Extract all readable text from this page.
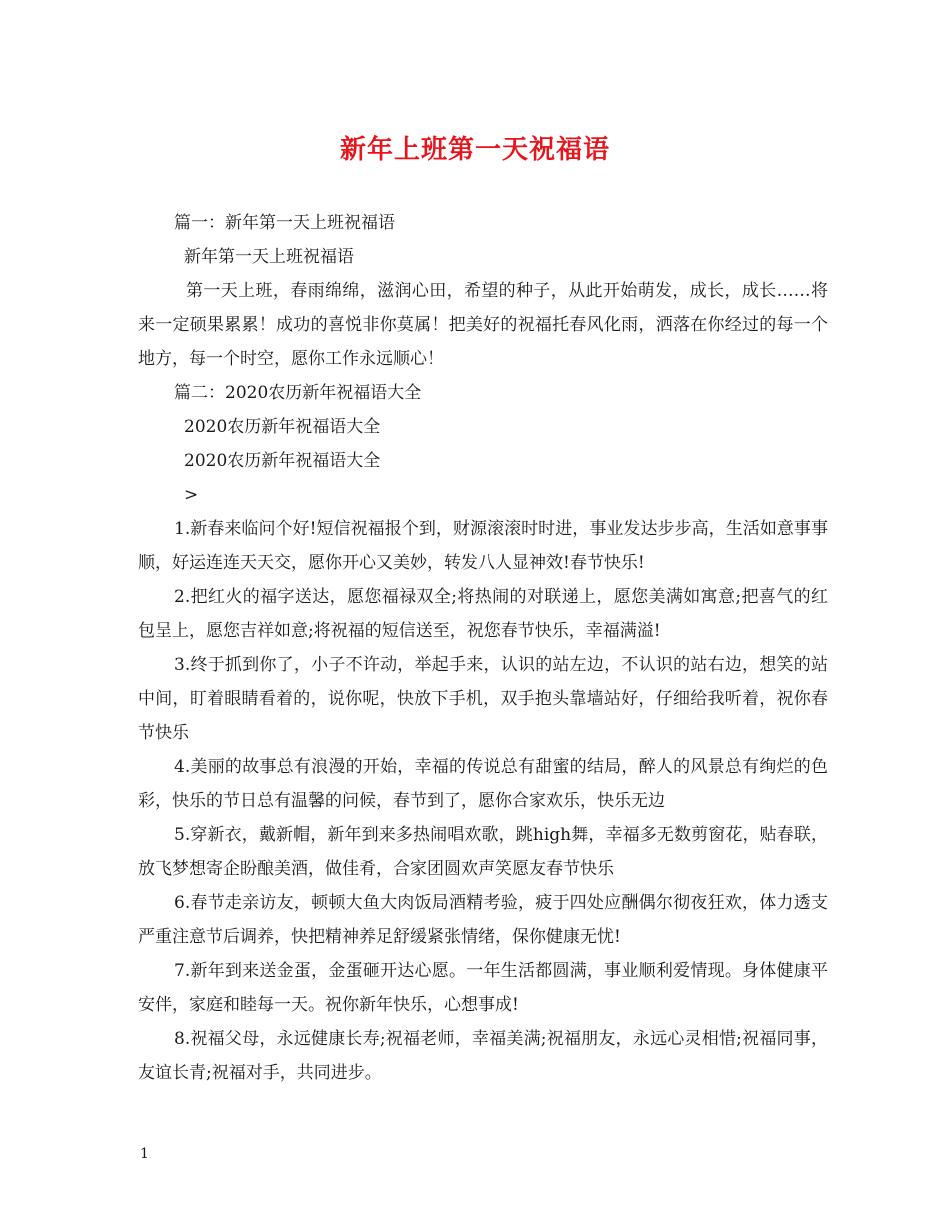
新年上班第一天祝福语

篇一：新年第一天上班祝福语

新年第一天上班祝福语

第一天上班，春雨绵绵，滋润心田，希望的种子，从此开始萌发，成长，成长……将来一定硕果累累！成功的喜悦非你莫属！把美好的祝福托春风化雨，洒落在你经过的每一个地方，每一个时空，愿你工作永远顺心！

篇二：2020农历新年祝福语大全

2020农历新年祝福语大全

2020农历新年祝福语大全

>

1.新春来临问个好!短信祝福报个到，财源滚滚时时进，事业发达步步高，生活如意事事顺，好运连连天天交，愿你开心又美妙，转发八人显神效!春节快乐!

2.把红火的福字送达，愿您福禄双全;将热闹的对联递上，愿您美满如寓意;把喜气的红包呈上，愿您吉祥如意;将祝福的短信送至，祝您春节快乐，幸福满溢!

3.终于抓到你了，小子不许动，举起手来，认识的站左边，不认识的站右边，想笑的站中间，盯着眼睛看着的，说你呢，快放下手机，双手抱头靠墙站好，仔细给我听着，祝你春节快乐

4.美丽的故事总有浪漫的开始，幸福的传说总有甜蜜的结局，醉人的风景总有绚烂的色彩，快乐的节日总有温馨的问候，春节到了，愿你合家欢乐，快乐无边

5.穿新衣，戴新帽，新年到来多热闹唱欢歌，跳high舞，幸福多无数剪窗花，贴春联，放飞梦想寄企盼酿美酒，做佳肴，合家团圆欢声笑愿友春节快乐

6.春节走亲访友，顿顿大鱼大肉饭局酒精考验，疲于四处应酬偶尔彻夜狂欢，体力透支严重注意节后调养，快把精神养足舒缓紧张情绪，保你健康无忧!

7.新年到来送金蛋，金蛋砸开达心愿。一年生活都圆满，事业顺利爱情现。身体健康平安伴，家庭和睦每一天。祝你新年快乐，心想事成!

8.祝福父母，永远健康长寿;祝福老师，幸福美满;祝福朋友，永远心灵相惜;祝福同事，友谊长青;祝福对手，共同进步。

1
